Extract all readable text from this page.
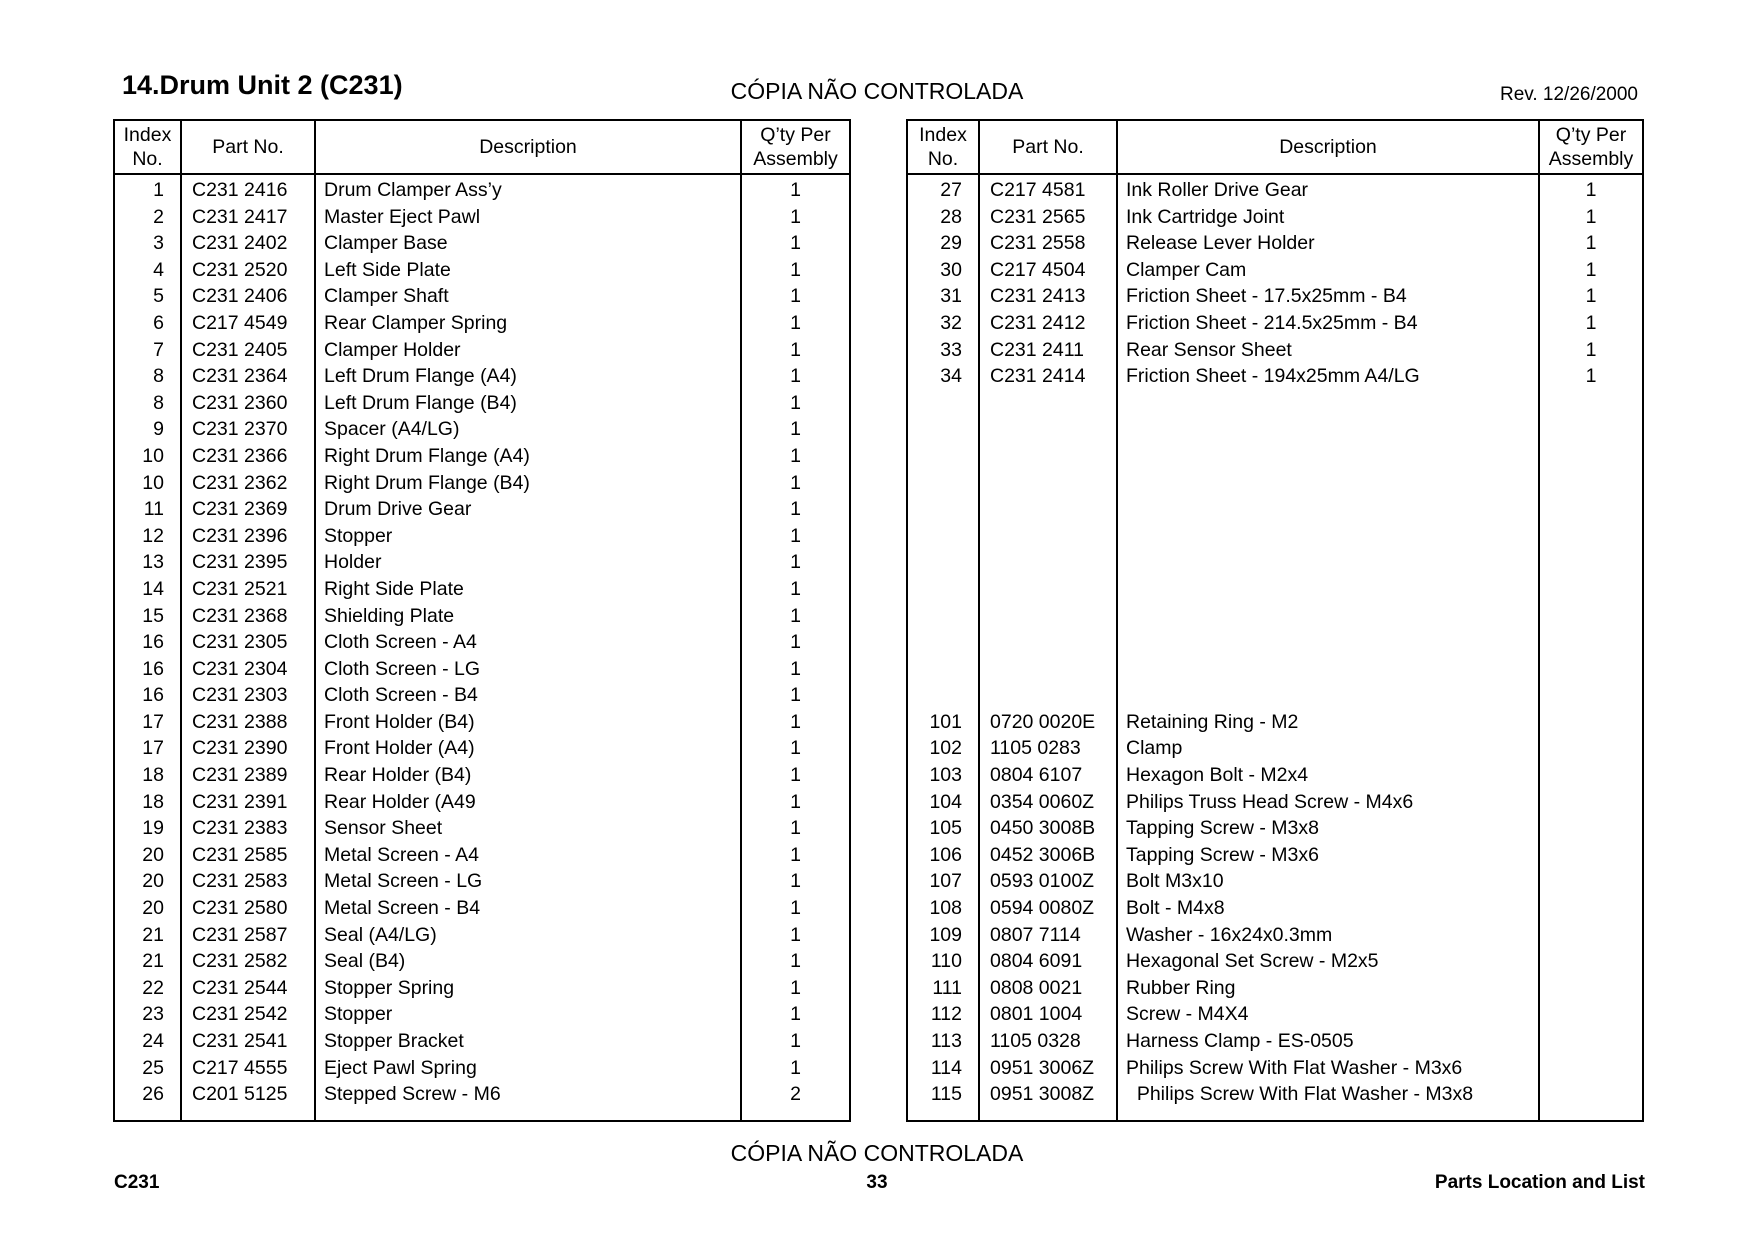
14.Drum Unit 2 (C231)	CÓPIA NÃO CONTROLADA	Rev. 12/26/2000
Index No.	Part No.	Description	Q’ty Per Assembly
1	C231 2416	Drum Clamper Ass’y	1
2	C231 2417	Master Eject Pawl	1
3	C231 2402	Clamper Base	1
4	C231 2520	Left Side Plate	1
5	C231 2406	Clamper Shaft	1
6	C217 4549	Rear Clamper Spring	1
7	C231 2405	Clamper Holder	1
8	C231 2364	Left Drum Flange (A4)	1
8	C231 2360	Left Drum Flange (B4)	1
9	C231 2370	Spacer (A4/LG)	1
10	C231 2366	Right Drum Flange (A4)	1
10	C231 2362	Right Drum Flange (B4)	1
11	C231 2369	Drum Drive Gear	1
12	C231 2396	Stopper	1
13	C231 2395	Holder	1
14	C231 2521	Right Side Plate	1
15	C231 2368	Shielding Plate	1
16	C231 2305	Cloth Screen - A4	1
16	C231 2304	Cloth Screen - LG	1
16	C231 2303	Cloth Screen - B4	1
17	C231 2388	Front Holder (B4)	1
17	C231 2390	Front Holder (A4)	1
18	C231 2389	Rear Holder (B4)	1
18	C231 2391	Rear Holder (A49	1
19	C231 2383	Sensor Sheet	1
20	C231 2585	Metal Screen - A4	1
20	C231 2583	Metal Screen - LG	1
20	C231 2580	Metal Screen - B4	1
21	C231 2587	Seal (A4/LG)	1
21	C231 2582	Seal (B4)	1
22	C231 2544	Stopper Spring	1
23	C231 2542	Stopper	1
24	C231 2541	Stopper Bracket	1
25	C217 4555	Eject Pawl Spring	1
26	C201 5125	Stepped Screw - M6	2

Index No.	Part No.	Description	Q’ty Per Assembly
27	C217 4581	Ink Roller Drive Gear	1
28	C231 2565	Ink Cartridge Joint	1
29	C231 2558	Release Lever Holder	1
30	C217 4504	Clamper Cam	1
31	C231 2413	Friction Sheet - 17.5x25mm - B4	1
32	C231 2412	Friction Sheet - 214.5x25mm - B4	1
33	C231 2411	Rear Sensor Sheet	1
34	C231 2414	Friction Sheet - 194x25mm A4/LG	1

101	0720 0020E	Retaining Ring - M2	
102	1105 0283	Clamp	
103	0804 6107	Hexagon Bolt - M2x4	
104	0354 0060Z	Philips Truss Head Screw - M4x6	
105	0450 3008B	Tapping Screw - M3x8	
106	0452 3006B	Tapping Screw - M3x6	
107	0593 0100Z	Bolt M3x10	
108	0594 0080Z	Bolt - M4x8	
109	0807 7114	Washer - 16x24x0.3mm	
110	0804 6091	Hexagonal Set Screw - M2x5	
111	0808 0021	Rubber Ring	
112	0801 1004	Screw - M4X4	
113	1105 0328	Harness Clamp - ES-0505	
114	0951 3006Z	Philips Screw With Flat Washer - M3x6	
115	0951 3008Z	Philips Screw With Flat Washer - M3x8	

CÓPIA NÃO CONTROLADA
C231	33	Parts Location and List
